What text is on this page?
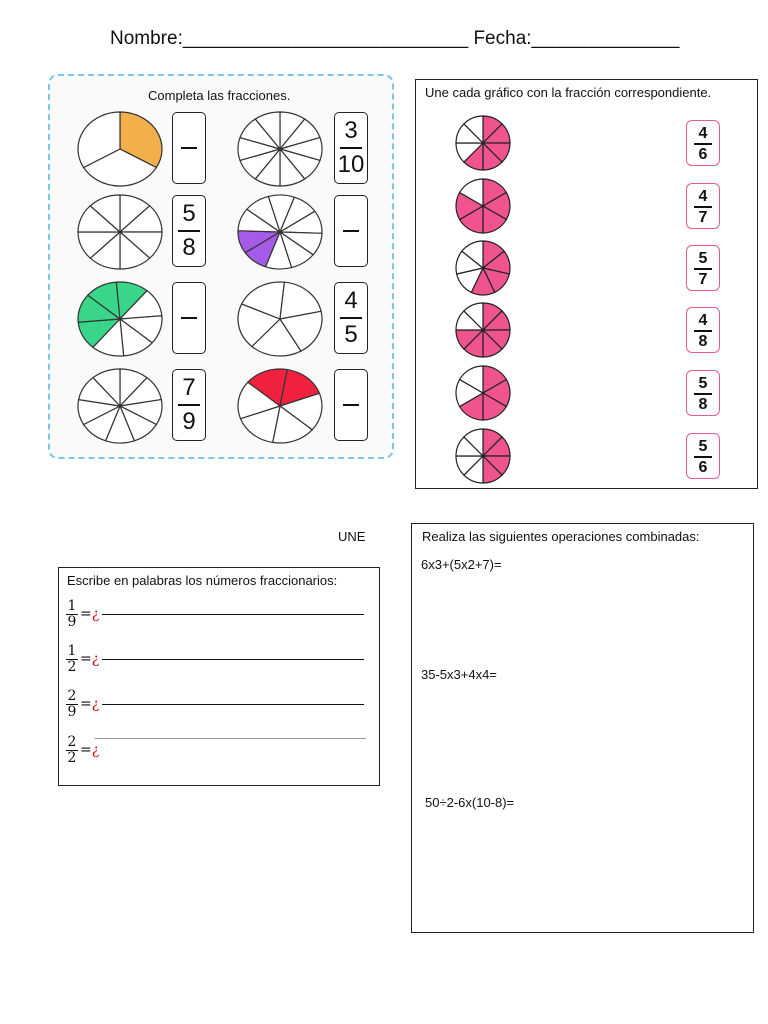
Nombre:___________________________ Fecha:______________
Completa las fracciones.
3
10
5
8
4
5
7
9
Une cada gráfico con la fracción correspondiente.
4
6
4
7
5
7
4
8
5
8
5
6
UNE
Escribe en palabras los números fraccionarios:
1
9 =¿
1
2 =¿
2
9 =¿
2
2 =¿
Realiza las siguientes operaciones combinadas:
6x3+(5x2+7)=
35-5x3+4x4=
50÷2-6x(10-8)=
